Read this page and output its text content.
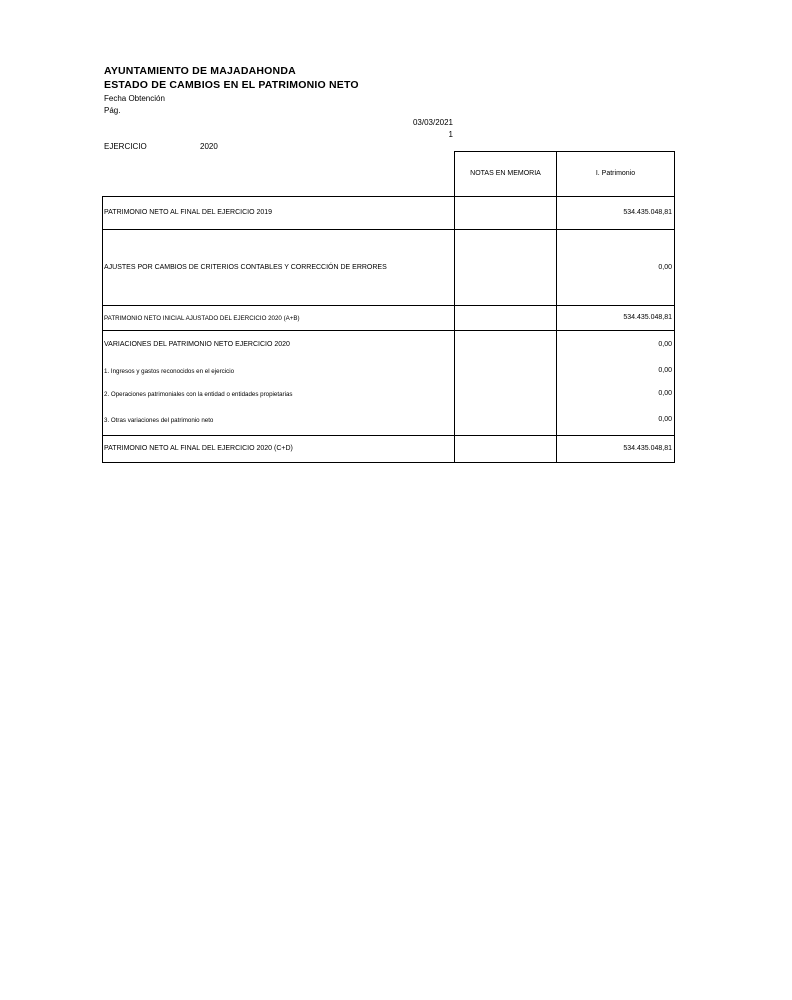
AYUNTAMIENTO DE MAJADAHONDA
ESTADO DE CAMBIOS EN EL PATRIMONIO NETO
Fecha Obtención
Pág.
03/03/2021
1
EJERCICIO	2020
NOTAS EN MEMORIA	I. Patrimonio
PATRIMONIO NETO AL FINAL DEL EJERCICIO 2019	534.435.048,81
AJUSTES POR CAMBIOS DE CRITERIOS CONTABLES Y CORRECCIÓN DE ERRORES	0,00
PATRIMONIO NETO INICIAL AJUSTADO DEL EJERCICIO 2020 (A+B)	534.435.048,81
VARIACIONES DEL PATRIMONIO NETO EJERCICIO 2020	0,00
1. Ingresos y gastos reconocidos en el ejercicio	0,00
2. Operaciones patrimoniales con la entidad o entidades propietarias	0,00
3. Otras variaciones del patrimonio neto	0,00
PATRIMONIO NETO AL FINAL DEL EJERCICIO 2020 (C+D)	534.435.048,81
